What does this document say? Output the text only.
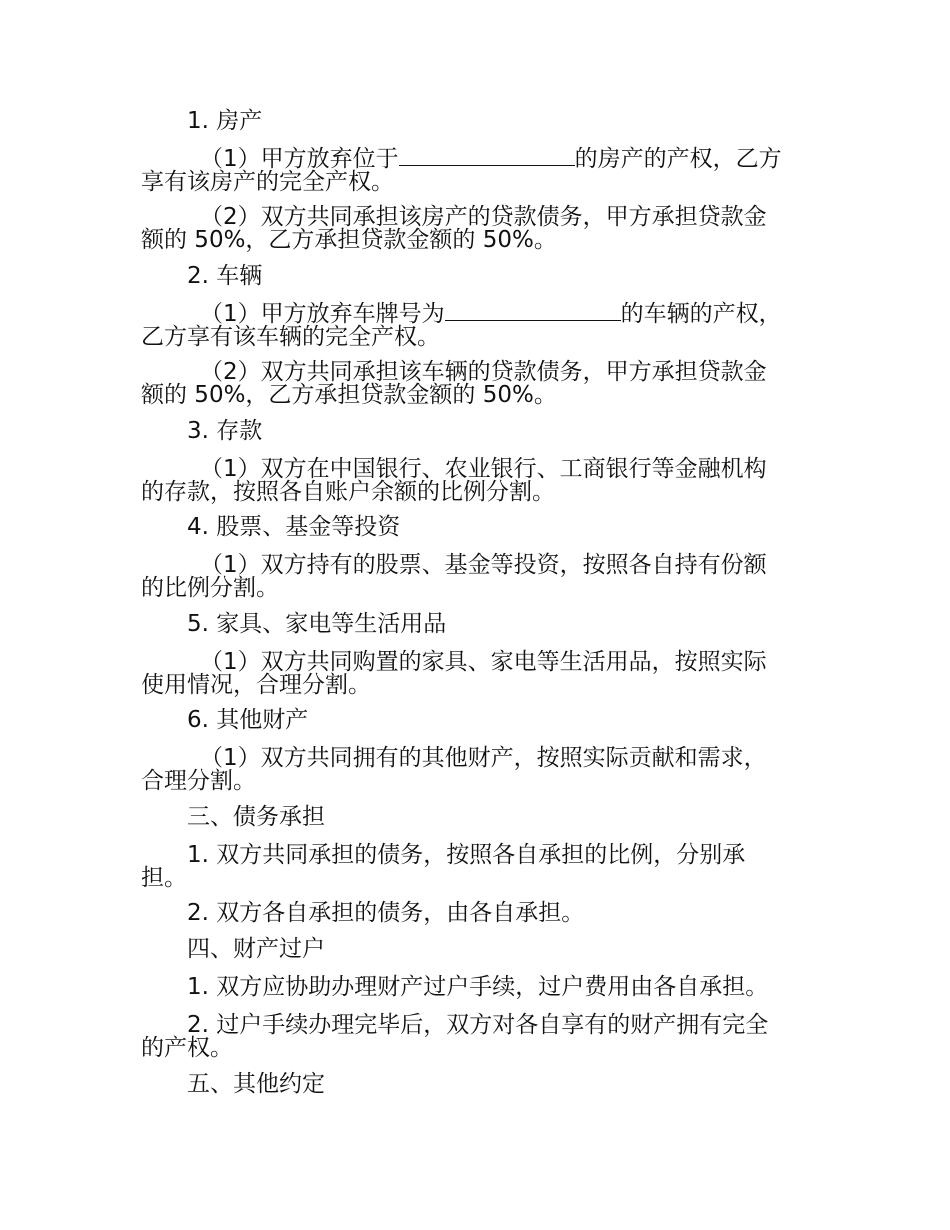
1. 房产

（1）甲方放弃位于	的房产的产权，乙方

享有该房产的完全产权。

（2）双方共同承担该房产的贷款债务，甲方承担贷款金

额的 50%，乙方承担贷款金额的 50%。

2. 车辆

（1）甲方放弃车牌号为	的车辆的产权，

乙方享有该车辆的完全产权。

（2）双方共同承担该车辆的贷款债务，甲方承担贷款金

额的 50%，乙方承担贷款金额的 50%。

3. 存款

（1）双方在中国银行、农业银行、工商银行等金融机构

的存款，按照各自账户余额的比例分割。

4. 股票、基金等投资

（1）双方持有的股票、基金等投资，按照各自持有份额

的比例分割。

5. 家具、家电等生活用品

（1）双方共同购置的家具、家电等生活用品，按照实际

使用情况，合理分割。

6. 其他财产

（1）双方共同拥有的其他财产，按照实际贡献和需求，

合理分割。

三、债务承担

1. 双方共同承担的债务，按照各自承担的比例，分别承

担。

2. 双方各自承担的债务，由各自承担。

四、财产过户

1. 双方应协助办理财产过户手续，过户费用由各自承担。

2. 过户手续办理完毕后，双方对各自享有的财产拥有完全

的产权。

五、其他约定
